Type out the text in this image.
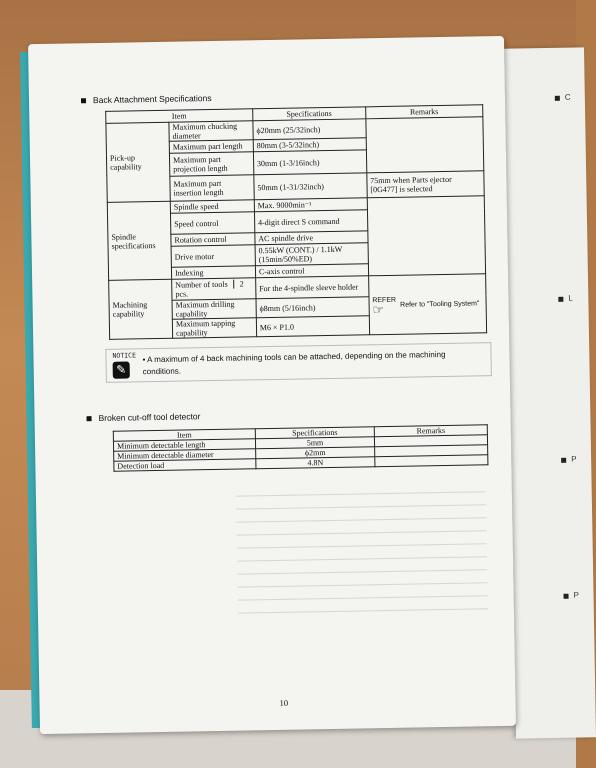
C
L
P
P
Back Attachment Specifications
Item		Specifications	Remarks
Pick-up capability	Maximum chucking diameter	ϕ20mm (25/32inch)	
	Maximum part length	80mm (3-5/32inch)	
	Maximum part projection length	30mm (1-3/16inch)	
	Maximum part insertion length	50mm (1-31/32inch)	75mm when Parts ejector [0G477] is selected
Spindle specifications	Spindle speed	Max. 9000min⁻¹	
	Speed control	4-digit direct S command	
	Rotation control	AC spindle drive	
	Drive motor	0.55kW (CONT.) / 1.1kW (15min/50%ED)	
	Indexing	C-axis control	
Machining capability	Number of tools 2 pcs.	For the 4-spindle sleeve holder	REFER
☞ Refer to "Tooling System"

	Maximum drilling capability	ϕ8mm (5/16inch)	
	Maximum tapping capability	M6 × P1.0	
NOTICE
✎
• A maximum of 4 back machining tools can be attached, depending on the machining conditions.
Broken cut-off tool detector
Item	Specifications	Remarks
Minimum detectable length	5mm	
Minimum detectable diameter	ϕ2mm	
Detection load	4.8N	
10
